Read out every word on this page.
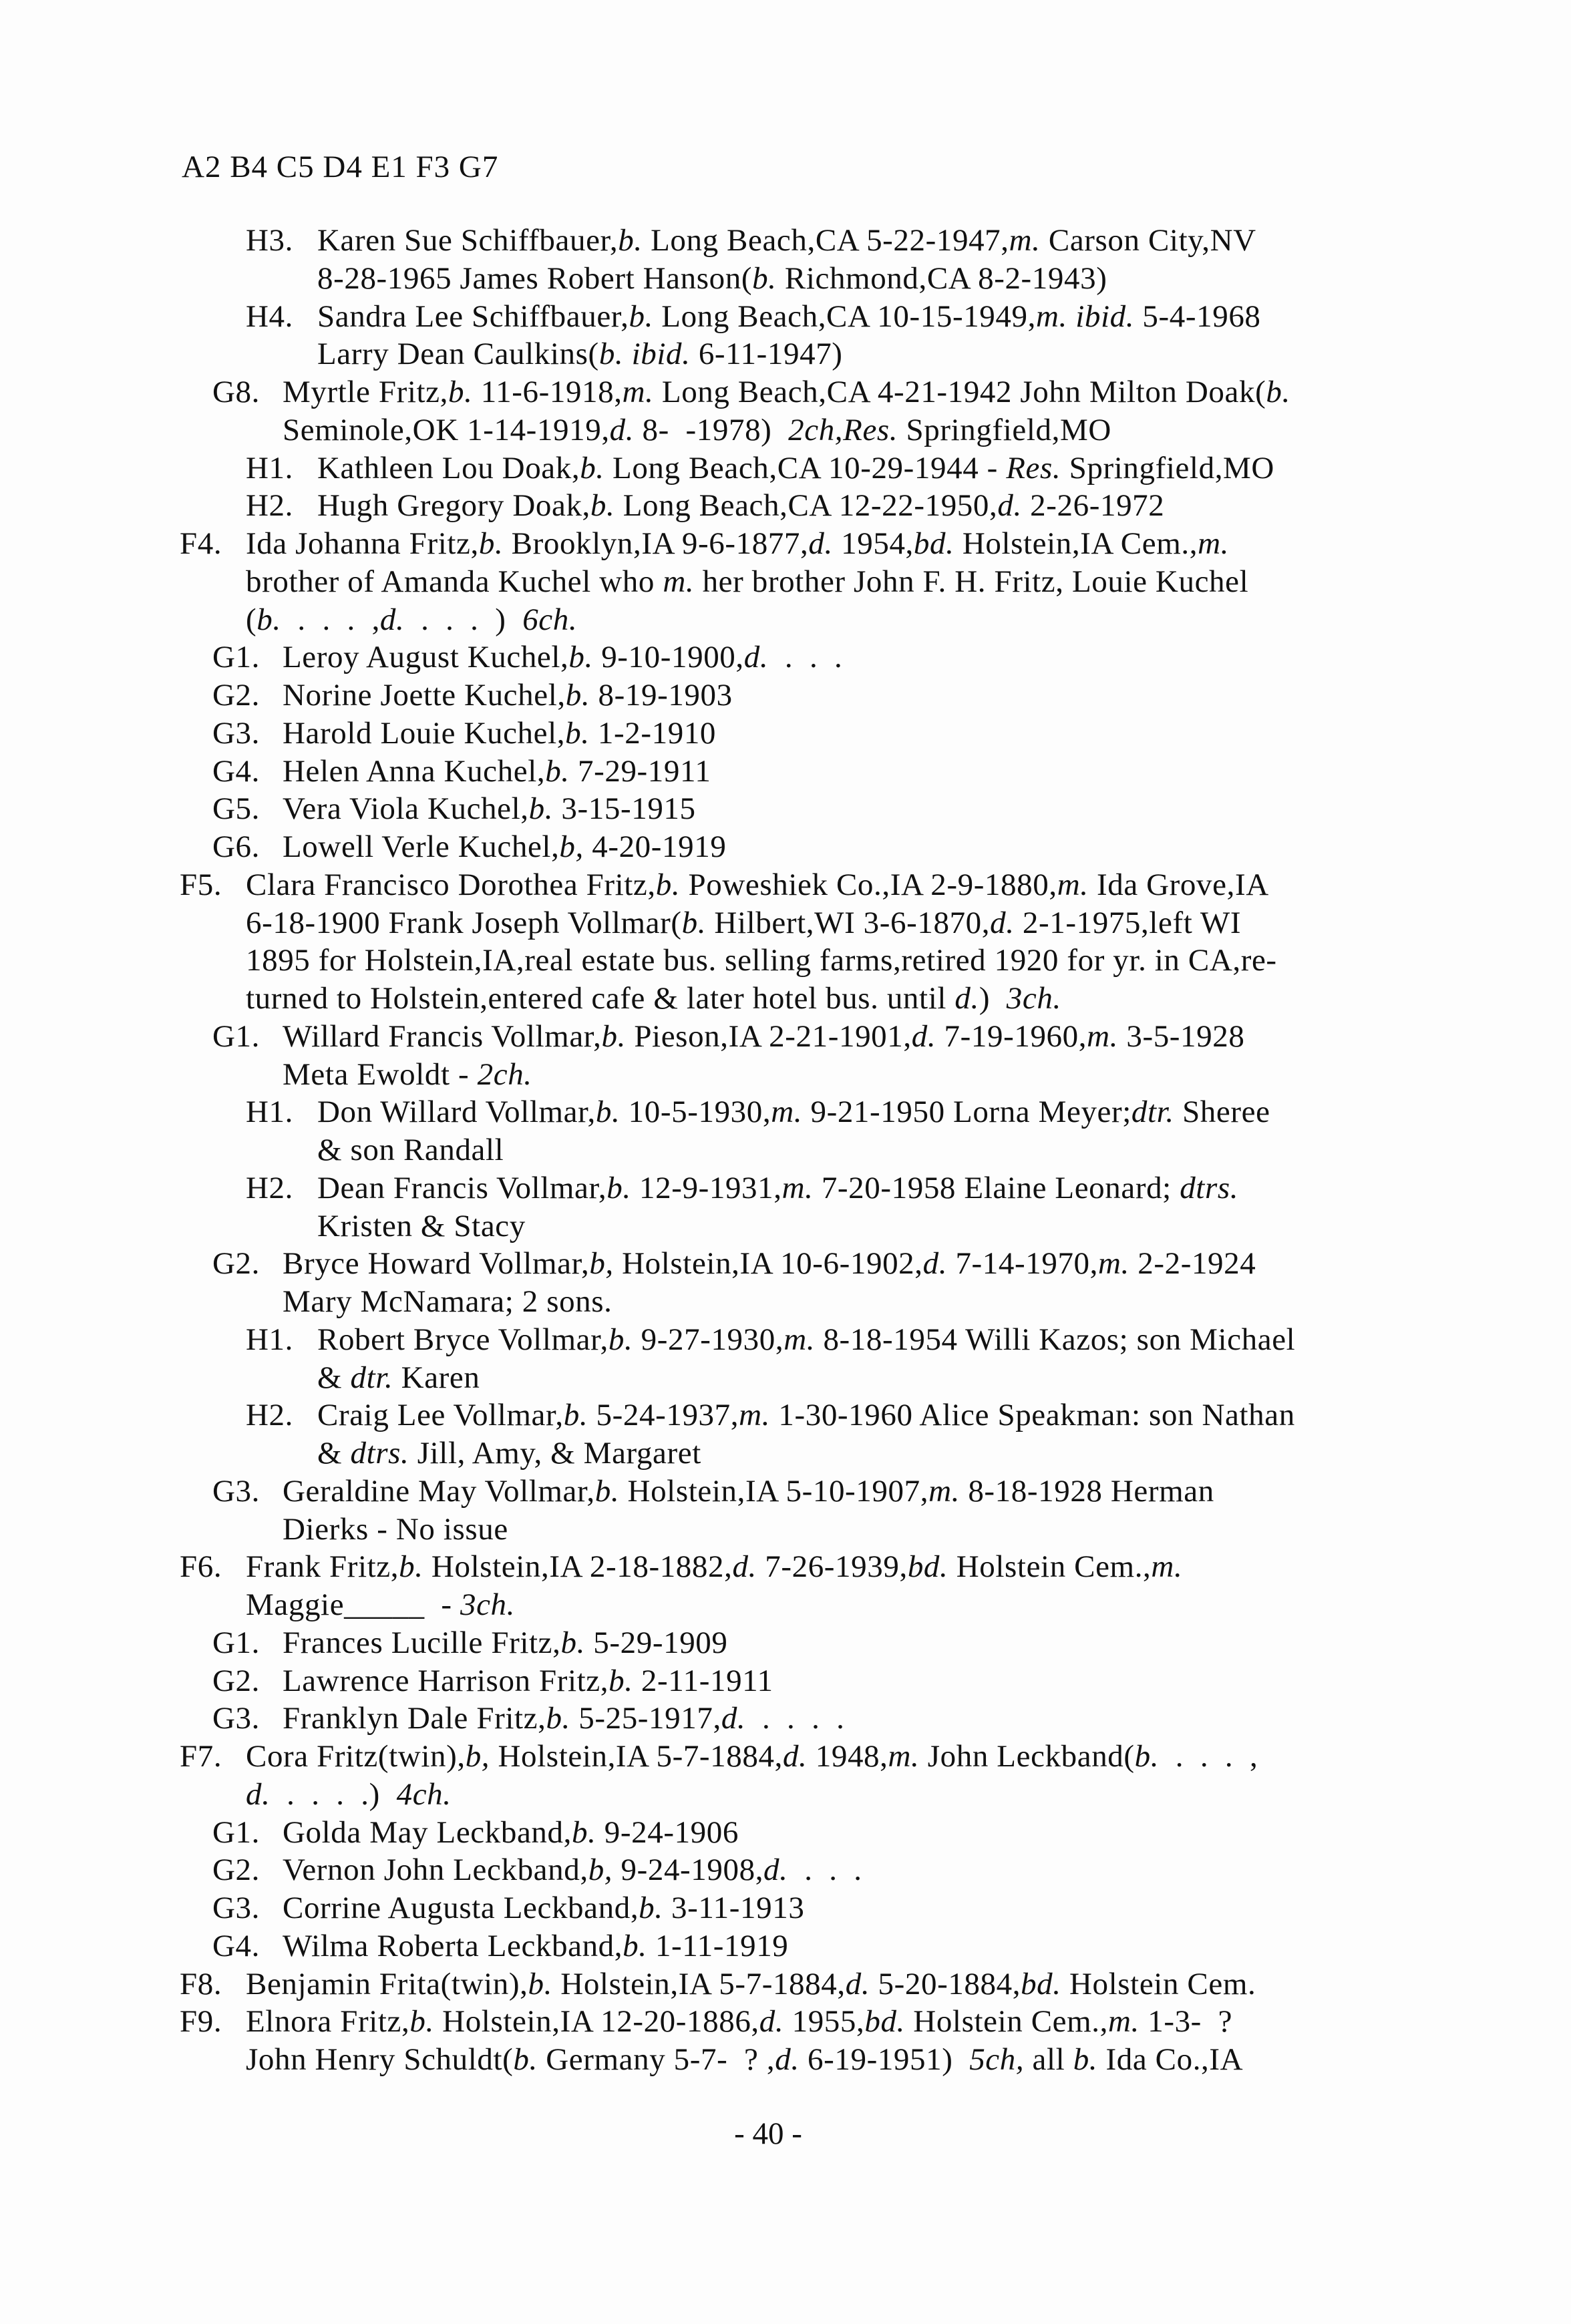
A2 B4 C5 D4 E1 F3 G7
H3. Karen Sue Schiffbauer,b. Long Beach,CA 5-22-1947,m. Carson City,NV
8-28-1965 James Robert Hanson(b. Richmond,CA 8-2-1943)
H4. Sandra Lee Schiffbauer,b. Long Beach,CA 10-15-1949,m. ibid. 5-4-1968
Larry Dean Caulkins(b. ibid. 6-11-1947)
G8. Myrtle Fritz,b. 11-6-1918,m. Long Beach,CA 4-21-1942 John Milton Doak(b.
Seminole,OK 1-14-1919,d. 8-  -1978)  2ch,Res. Springfield,MO
H1. Kathleen Lou Doak,b. Long Beach,CA 10-29-1944 - Res. Springfield,MO
H2. Hugh Gregory Doak,b. Long Beach,CA 12-22-1950,d. 2-26-1972
F4. Ida Johanna Fritz,b. Brooklyn,IA 9-6-1877,d. 1954,bd. Holstein,IA Cem.,m.
brother of Amanda Kuchel who m. her brother John F. H. Fritz, Louie Kuchel
(b.  .  .  .  ,d.  .  .  .  )  6ch.
G1. Leroy August Kuchel,b. 9-10-1900,d.  .  .  .
G2. Norine Joette Kuchel,b. 8-19-1903
G3. Harold Louie Kuchel,b. 1-2-1910
G4. Helen Anna Kuchel,b. 7-29-1911
G5. Vera Viola Kuchel,b. 3-15-1915
G6. Lowell Verle Kuchel,b, 4-20-1919
F5. Clara Francisco Dorothea Fritz,b. Poweshiek Co.,IA 2-9-1880,m. Ida Grove,IA
6-18-1900 Frank Joseph Vollmar(b. Hilbert,WI 3-6-1870,d. 2-1-1975,left WI
1895 for Holstein,IA,real estate bus. selling farms,retired 1920 for yr. in CA,re-
turned to Holstein,entered cafe & later hotel bus. until d.)  3ch.
G1. Willard Francis Vollmar,b. Pieson,IA 2-21-1901,d. 7-19-1960,m. 3-5-1928
Meta Ewoldt - 2ch.
H1. Don Willard Vollmar,b. 10-5-1930,m. 9-21-1950 Lorna Meyer;dtr. Sheree
& son Randall
H2. Dean Francis Vollmar,b. 12-9-1931,m. 7-20-1958 Elaine Leonard; dtrs.
Kristen & Stacy
G2. Bryce Howard Vollmar,b, Holstein,IA 10-6-1902,d. 7-14-1970,m. 2-2-1924
Mary McNamara; 2 sons.
H1. Robert Bryce Vollmar,b. 9-27-1930,m. 8-18-1954 Willi Kazos; son Michael
& dtr. Karen
H2. Craig Lee Vollmar,b. 5-24-1937,m. 1-30-1960 Alice Speakman: son Nathan
& dtrs. Jill, Amy, & Margaret
G3. Geraldine May Vollmar,b. Holstein,IA 5-10-1907,m. 8-18-1928 Herman
Dierks - No issue
F6. Frank Fritz,b. Holstein,IA 2-18-1882,d. 7-26-1939,bd. Holstein Cem.,m.
Maggie_____  - 3ch.
G1. Frances Lucille Fritz,b. 5-29-1909
G2. Lawrence Harrison Fritz,b. 2-11-1911
G3. Franklyn Dale Fritz,b. 5-25-1917,d.  .  .  .  .
F7. Cora Fritz(twin),b, Holstein,IA 5-7-1884,d. 1948,m. John Leckband(b.  .  .  .  ,
d.  .  .  .  .)  4ch.
G1. Golda May Leckband,b. 9-24-1906
G2. Vernon John Leckband,b, 9-24-1908,d.  .  .  .
G3. Corrine Augusta Leckband,b. 3-11-1913
G4. Wilma Roberta Leckband,b. 1-11-1919
F8. Benjamin Frita(twin),b. Holstein,IA 5-7-1884,d. 5-20-1884,bd. Holstein Cem.
F9. Elnora Fritz,b. Holstein,IA 12-20-1886,d. 1955,bd. Holstein Cem.,m. 1-3-  ?
John Henry Schuldt(b. Germany 5-7-  ? ,d. 6-19-1951)  5ch, all b. Ida Co.,IA
- 40 -
